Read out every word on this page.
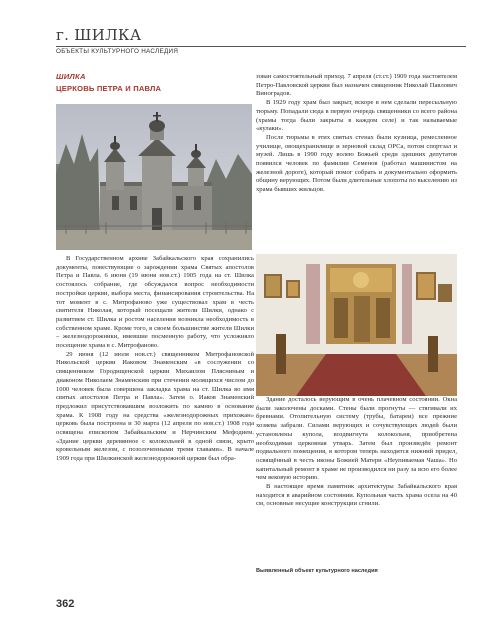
г. ШИЛКА
ОБЪЕКТЫ КУЛЬТУРНОГО НАСЛЕДИЯ
ШИЛКА
ЦЕРКОВЬ ПЕТРА И ПАВЛА

В Государственном архиве Забайкальского края сохранились документы, повествующие о зарождении храма Святых апостолов Петра и Павла. 6 июня (19 июня нов.ст.) 1905 года на ст. Шилка состоялось собрание, где обсуждался вопрос необходимости постройки церкви, выбора места, финансирования строительства. На тот момент в с. Митрофаново уже существовал храм в честь святителя Николая, который посещали жители Шилки, однако с развитием ст. Шилка и ростом населения возникла необходимость в собственном храме. Кроме того, в своем большинстве жители Шилки – железнодорожники, имевшие посменную работу, что усложняло посещение храма в с. Митрофаново.

29 июня (12 июля нов.ст.) священником Митрофановской Никольской церкви Иаковом Знаменским «в сослужении со священником Городищенской церкви Михаилом Плясниным и диаконом Николаем Знаменским при стечении молящихся числом до 1000 человек была совершена закладка храма на ст. Шилка во имя святых апостолов Петра и Павла». Затем о. Иаков Знаменский предложил присутствовавшим возложить по камню в основание храма. К 1908 году на средства «железнодорожных прихожан» церковь была построена и 30 марта (12 апреля по нов.ст.) 1908 года освящена епископом Забайкальским и Нерчинским Мефодием. «Здание церкви деревянное с колокольней в одной связи, крыто кровельным железом, с позолоченными тремя главами». В начале 1909 года при Шилкинской железнодорожной церкви был обра-

зован самостоятельный приход. 7 апреля (ст.ст.) 1909 года настоятелем Петро-Павловской церкви был назначен священник Николай Павлович Виноградов.

В 1929 году храм был закрыт, вскоре в нем сделали пересыльную тюрьму. Попадали сюда в первую очередь священники со всего района (храмы тогда были закрыты в каждом селе) и так называемые «кулаки».

После тюрьмы в этих святых стенах были кузница, ремесленное училище, овощехранилище и зерновой склад ОРСа, потом спортзал и музей. Лишь в 1990 году волею Божьей среди здешних депутатов появился человек по фамилии Семенов (работал машинистом на железной дороге), который помог собрать и документально оформить общину верующих. Потом были длительные хлопоты по выселению из храма бывших жильцов.

Здание досталось верующим в очень плачевном состоянии. Окна были заколочены досками. Стены были прогнуты — стягивали их бревнами. Отопительную систему (трубы, батареи) все прежние хозяева забрали. Силами верующих и сочувствующих людей были установлены купола, воздвигнута колокольня, приобретена необходимая церковная утварь. Затем был произведён ремонт подвального помещения, в котором теперь находится нижний придел, освящённый в честь иконы Божией Матери «Неупиваемая Чаша». Но капитальный ремонт в храме не производился ни разу за всю его более чем вековую историю.

В настоящее время памятник архитектуры Забайкальского края находится в аварийном состоянии. Купольная часть храма осела на 40 см, основные несущие конструкции сгнили.

Выявленный объект культурного наследия
362
